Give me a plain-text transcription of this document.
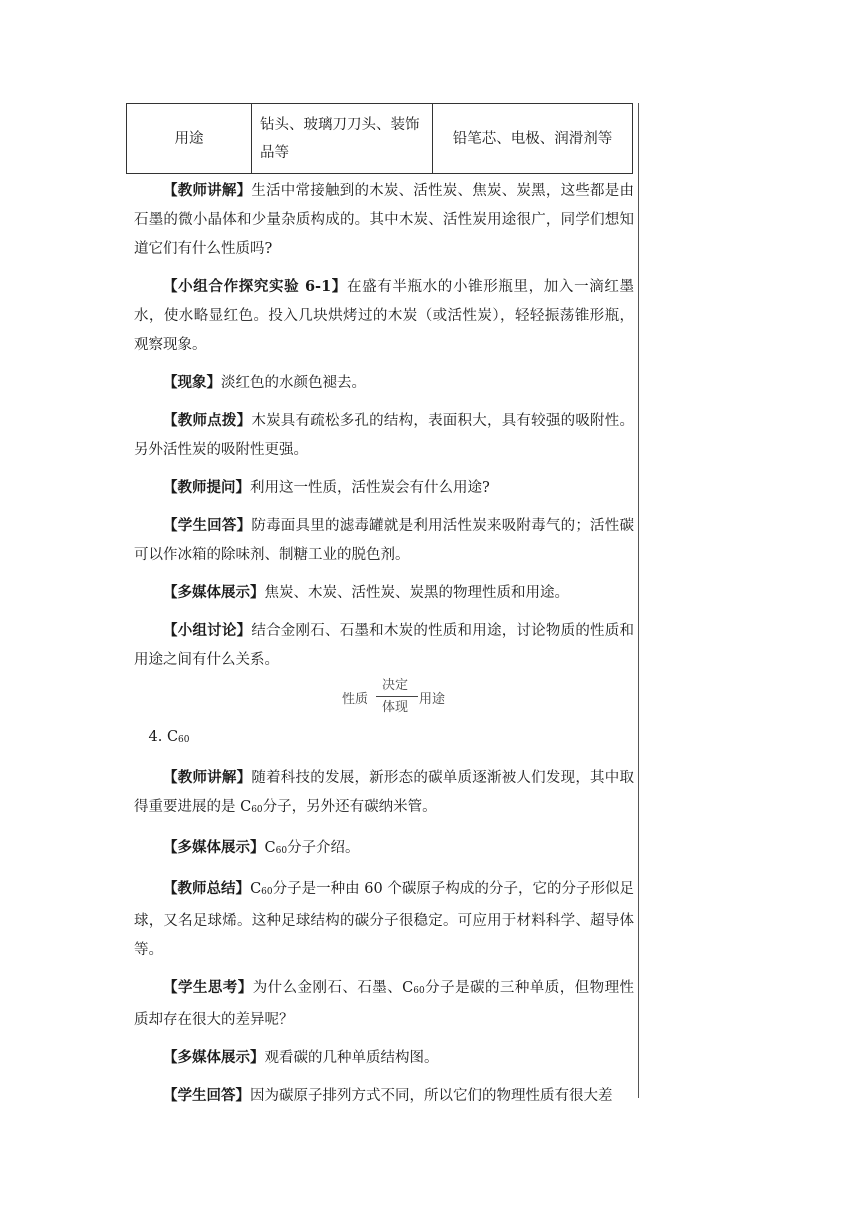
用途	钻头、玻璃刀刀头、装饰品等	铅笔芯、电极、润滑剂等

【教师讲解】生活中常接触到的木炭、活性炭、焦炭、炭黑，这些都是由石墨的微小晶体和少量杂质构成的。其中木炭、活性炭用途很广，同学们想知道它们有什么性质吗?

【小组合作探究实验 6-1】在盛有半瓶水的小锥形瓶里，加入一滴红墨水，使水略显红色。投入几块烘烤过的木炭（或活性炭），轻轻振荡锥形瓶，观察现象。

【现象】淡红色的水颜色褪去。

【教师点拨】木炭具有疏松多孔的结构，表面积大，具有较强的吸附性。另外活性炭的吸附性更强。

【教师提问】利用这一性质，活性炭会有什么用途?

【学生回答】防毒面具里的滤毒罐就是利用活性炭来吸附毒气的；活性碳可以作冰箱的除味剂、制糖工业的脱色剂。

【多媒体展示】焦炭、木炭、活性炭、炭黑的物理性质和用途。

【小组讨论】结合金刚石、石墨和木炭的性质和用途，讨论物质的性质和用途之间有什么关系。

性质
决定
体现
用途

4. $C_{60}$

【教师讲解】随着科技的发展，新形态的碳单质逐渐被人们发现，其中取得重要进展的是 $C_{60}$分子，另外还有碳纳米管。

【多媒体展示】$C_{60}$分子介绍。

【教师总结】$C_{60}$分子是一种由 60 个碳原子构成的分子，它的分子形似足球，又名足球烯。这种足球结构的碳分子很稳定。可应用于材料科学、超导体等。

【学生思考】为什么金刚石、石墨、$C_{60}$分子是碳的三种单质，但物理性质却存在很大的差异呢？

【多媒体展示】观看碳的几种单质结构图。

【学生回答】因为碳原子排列方式不同，所以它们的物理性质有很大差
